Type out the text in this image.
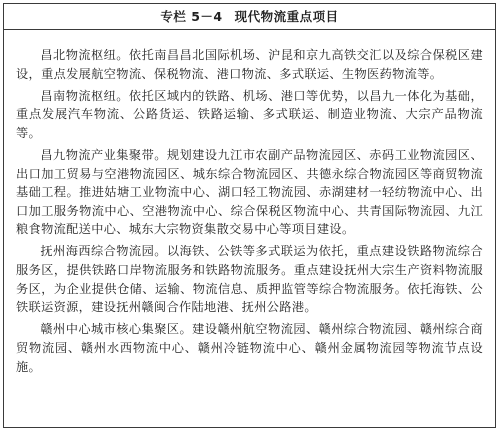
专栏 5－4 现代物流重点项目

昌北物流枢纽。依托南昌昌北国际机场、沪昆和京九高铁交汇以及综合保税区建设，重点发展航空物流、保税物流、港口物流、多式联运、生物医药物流等。

昌南物流枢纽。依托区域内的铁路、机场、港口等优势，以昌九一体化为基础，重点发展汽车物流、公路货运、铁路运输、多式联运、制造业物流、大宗产品物流等。

昌九物流产业集聚带。规划建设九江市农副产品物流园区、赤码工业物流园区、出口加工贸易与空港物流园区、城东综合物流园区、共德永综合物流园区等商贸物流基础工程。推进姑塘工业物流中心、湖口轻工物流园、赤湖建材一轻纺物流中心、出口加工服务物流中心、空港物流中心、综合保税区物流中心、共青国际物流园、九江粮食物流配送中心、城东大宗物资集散交易中心等项目建设。

抚州海西综合物流园。以海铁、公铁等多式联运为依托，重点建设铁路物流综合服务区，提供铁路口岸物流服务和铁路物流服务。重点建设抚州大宗生产资料物流服务区，为企业提供仓储、运输、物流信息、质押监管等综合物流服务。依托海铁、公铁联运资源，建设抚州赣闽合作陆地港、抚州公路港。

赣州中心城市核心集聚区。建设赣州航空物流园、赣州综合物流园、赣州综合商贸物流园、赣州水西物流中心、赣州冷链物流中心、赣州金属物流园等物流节点设施。
